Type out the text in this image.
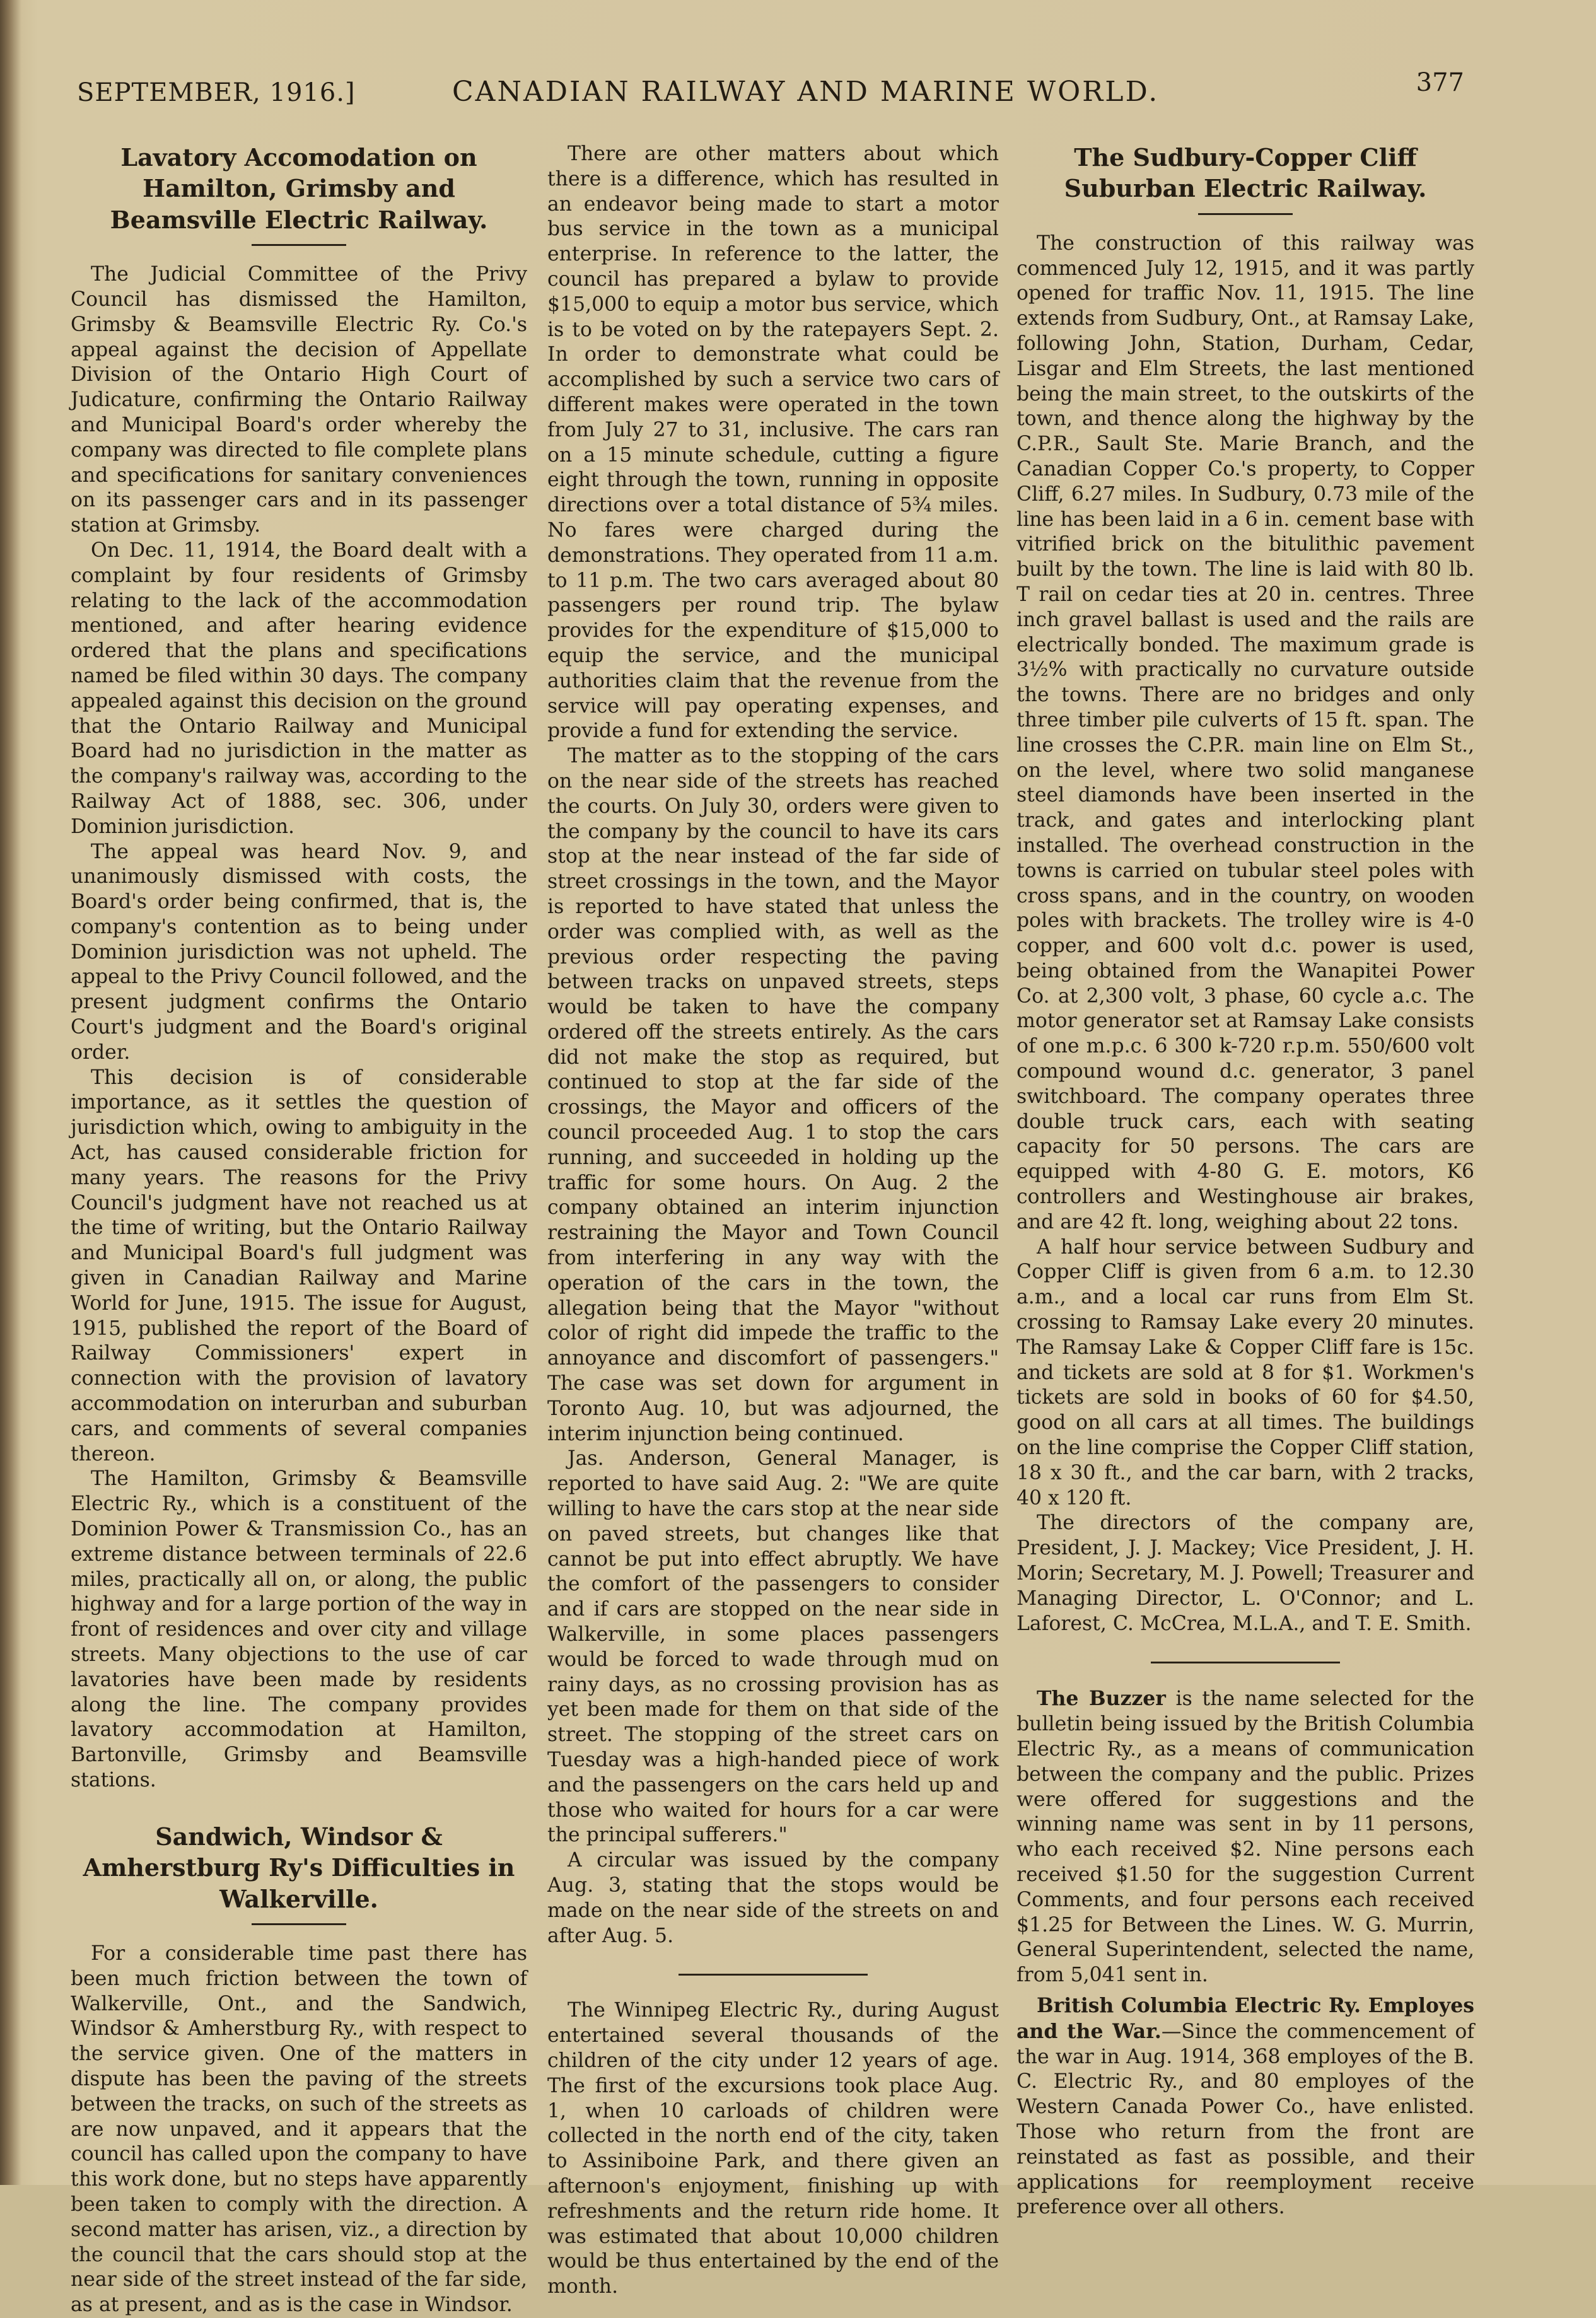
SEPTEMBER, 1916.]	CANADIAN RAILWAY AND MARINE WORLD.	377
Lavatory Accomodation on Hamilton, Grimsby and Beamsville Electric Railway.

The Judicial Committee of the Privy Council has dismissed the Hamilton, Grimsby & Beamsville Electric Ry. Co.'s appeal against the decision of Appellate Division of the Ontario High Court of Judicature, confirming the Ontario Railway and Municipal Board's order whereby the company was directed to file complete plans and specifications for sanitary conveniences on its passenger cars and in its passenger station at Grimsby.

On Dec. 11, 1914, the Board dealt with a complaint by four residents of Grimsby relating to the lack of the accommodation mentioned, and after hearing evidence ordered that the plans and specifications named be filed within 30 days. The company appealed against this decision on the ground that the Ontario Railway and Municipal Board had no jurisdiction in the matter as the company's railway was, according to the Railway Act of 1888, sec. 306, under Dominion jurisdiction.

The appeal was heard Nov. 9, and unanimously dismissed with costs, the Board's order being confirmed, that is, the company's contention as to being under Dominion jurisdiction was not upheld. The appeal to the Privy Council followed, and the present judgment confirms the Ontario Court's judgment and the Board's original order.

This decision is of considerable importance, as it settles the question of jurisdiction which, owing to ambiguity in the Act, has caused considerable friction for many years. The reasons for the Privy Council's judgment have not reached us at the time of writing, but the Ontario Railway and Municipal Board's full judgment was given in Canadian Railway and Marine World for June, 1915. The issue for August, 1915, published the report of the Board of Railway Commissioners' expert in connection with the provision of lavatory accommodation on interurban and suburban cars, and comments of several companies thereon.

The Hamilton, Grimsby & Beamsville Electric Ry., which is a constituent of the Dominion Power & Transmission Co., has an extreme distance between terminals of 22.6 miles, practically all on, or along, the public highway and for a large portion of the way in front of residences and over city and village streets. Many objections to the use of car lavatories have been made by residents along the line. The company provides lavatory accommodation at Hamilton, Bartonville, Grimsby and Beamsville stations.

Sandwich, Windsor & Amherstburg Ry's Difficulties in Walkerville.

For a considerable time past there has been much friction between the town of Walkerville, Ont., and the Sandwich, Windsor & Amherstburg Ry., with respect to the service given. One of the matters in dispute has been the paving of the streets between the tracks, on such of the streets as are now unpaved, and it appears that the council has called upon the company to have this work done, but no steps have apparently been taken to comply with the direction. A second matter has arisen, viz., a direction by the council that the cars should stop at the near side of the street instead of the far side, as at present, and as is the case in Windsor.

There are other matters about which there is a difference, which has resulted in an endeavor being made to start a motor bus service in the town as a municipal enterprise. In reference to the latter, the council has prepared a bylaw to provide $15,000 to equip a motor bus service, which is to be voted on by the ratepayers Sept. 2. In order to demonstrate what could be accomplished by such a service two cars of different makes were operated in the town from July 27 to 31, inclusive. The cars ran on a 15 minute schedule, cutting a figure eight through the town, running in opposite directions over a total distance of 5¾ miles. No fares were charged during the demonstrations. They operated from 11 a.m. to 11 p.m. The two cars averaged about 80 passengers per round trip. The bylaw provides for the expenditure of $15,000 to equip the service, and the municipal authorities claim that the revenue from the service will pay operating expenses, and provide a fund for extending the service.

The matter as to the stopping of the cars on the near side of the streets has reached the courts. On July 30, orders were given to the company by the council to have its cars stop at the near instead of the far side of street crossings in the town, and the Mayor is reported to have stated that unless the order was complied with, as well as the previous order respecting the paving between tracks on unpaved streets, steps would be taken to have the company ordered off the streets entirely. As the cars did not make the stop as required, but continued to stop at the far side of the crossings, the Mayor and officers of the council proceeded Aug. 1 to stop the cars running, and succeeded in holding up the traffic for some hours. On Aug. 2 the company obtained an interim injunction restraining the Mayor and Town Council from interfering in any way with the operation of the cars in the town, the allegation being that the Mayor "without color of right did impede the traffic to the annoyance and discomfort of passengers." The case was set down for argument in Toronto Aug. 10, but was adjourned, the interim injunction being continued.

Jas. Anderson, General Manager, is reported to have said Aug. 2: "We are quite willing to have the cars stop at the near side on paved streets, but changes like that cannot be put into effect abruptly. We have the comfort of the passengers to consider and if cars are stopped on the near side in Walkerville, in some places passengers would be forced to wade through mud on rainy days, as no crossing provision has as yet been made for them on that side of the street. The stopping of the street cars on Tuesday was a high-handed piece of work and the passengers on the cars held up and those who waited for hours for a car were the principal sufferers."

A circular was issued by the company Aug. 3, stating that the stops would be made on the near side of the streets on and after Aug. 5.

The Winnipeg Electric Ry., during August entertained several thousands of the children of the city under 12 years of age. The first of the excursions took place Aug. 1, when 10 carloads of children were collected in the north end of the city, taken to Assiniboine Park, and there given an afternoon's enjoyment, finishing up with refreshments and the return ride home. It was estimated that about 10,000 children would be thus entertained by the end of the month.

The Sudbury-Copper Cliff Suburban Electric Railway.

The construction of this railway was commenced July 12, 1915, and it was partly opened for traffic Nov. 11, 1915. The line extends from Sudbury, Ont., at Ramsay Lake, following John, Station, Durham, Cedar, Lisgar and Elm Streets, the last mentioned being the main street, to the outskirts of the town, and thence along the highway by the C.P.R., Sault Ste. Marie Branch, and the Canadian Copper Co.'s property, to Copper Cliff, 6.27 miles. In Sudbury, 0.73 mile of the line has been laid in a 6 in. cement base with vitrified brick on the bitulithic pavement built by the town. The line is laid with 80 lb. T rail on cedar ties at 20 in. centres. Three inch gravel ballast is used and the rails are electrically bonded. The maximum grade is 3½% with practically no curvature outside the towns. There are no bridges and only three timber pile culverts of 15 ft. span. The line crosses the C.P.R. main line on Elm St., on the level, where two solid manganese steel diamonds have been inserted in the track, and gates and interlocking plant installed. The overhead construction in the towns is carried on tubular steel poles with cross spans, and in the country, on wooden poles with brackets. The trolley wire is 4-0 copper, and 600 volt d.c. power is used, being obtained from the Wanapitei Power Co. at 2,300 volt, 3 phase, 60 cycle a.c. The motor generator set at Ramsay Lake consists of one m.p.c. 6 300 k-720 r.p.m. 550/600 volt compound wound d.c. generator, 3 panel switchboard. The company operates three double truck cars, each with seating capacity for 50 persons. The cars are equipped with 4-80 G. E. motors, K6 controllers and Westinghouse air brakes, and are 42 ft. long, weighing about 22 tons.

A half hour service between Sudbury and Copper Cliff is given from 6 a.m. to 12.30 a.m., and a local car runs from Elm St. crossing to Ramsay Lake every 20 minutes. The Ramsay Lake & Copper Cliff fare is 15c. and tickets are sold at 8 for $1. Workmen's tickets are sold in books of 60 for $4.50, good on all cars at all times. The buildings on the line comprise the Copper Cliff station, 18 x 30 ft., and the car barn, with 2 tracks, 40 x 120 ft.

The directors of the company are, President, J. J. Mackey; Vice President, J. H. Morin; Secretary, M. J. Powell; Treasurer and Managing Director, L. O'Connor; and L. Laforest, C. McCrea, M.L.A., and T. E. Smith.

The Buzzer is the name selected for the bulletin being issued by the British Columbia Electric Ry., as a means of communication between the company and the public. Prizes were offered for suggestions and the winning name was sent in by 11 persons, who each received $2. Nine persons each received $1.50 for the suggestion Current Comments, and four persons each received $1.25 for Between the Lines. W. G. Murrin, General Superintendent, selected the name, from 5,041 sent in.

British Columbia Electric Ry. Employes and the War.—Since the commencement of the war in Aug. 1914, 368 employes of the B. C. Electric Ry., and 80 employes of the Western Canada Power Co., have enlisted. Those who return from the front are reinstated as fast as possible, and their applications for reemployment receive preference over all others.
